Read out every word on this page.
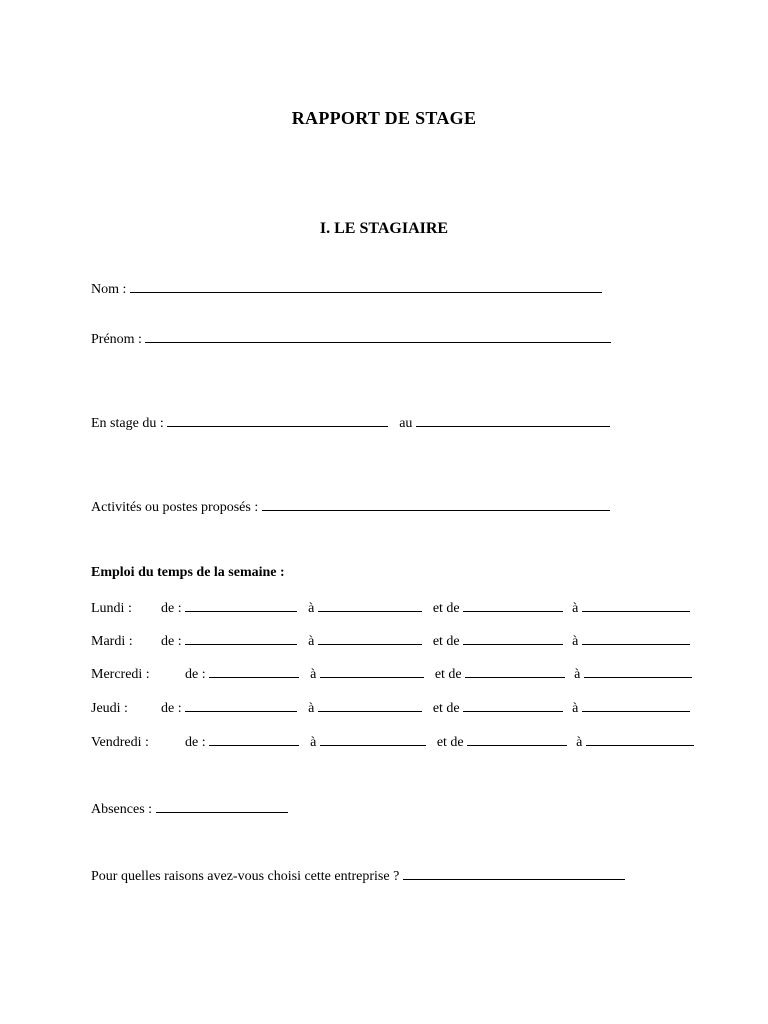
RAPPORT DE STAGE
I. LE STAGIAIRE
Nom :
Prénom :
En stage du :	au
Activités ou postes proposés :
Emploi du temps de la semaine :
Lundi : de :	à	et de	à
Mardi : de :	à	et de	à
Mercredi :	de :	à	et de	à
Jeudi : de :	à	et de	à
Vendredi :	de :	à	et de	à
Absences :
Pour quelles raisons avez-vous choisi cette entreprise ?
